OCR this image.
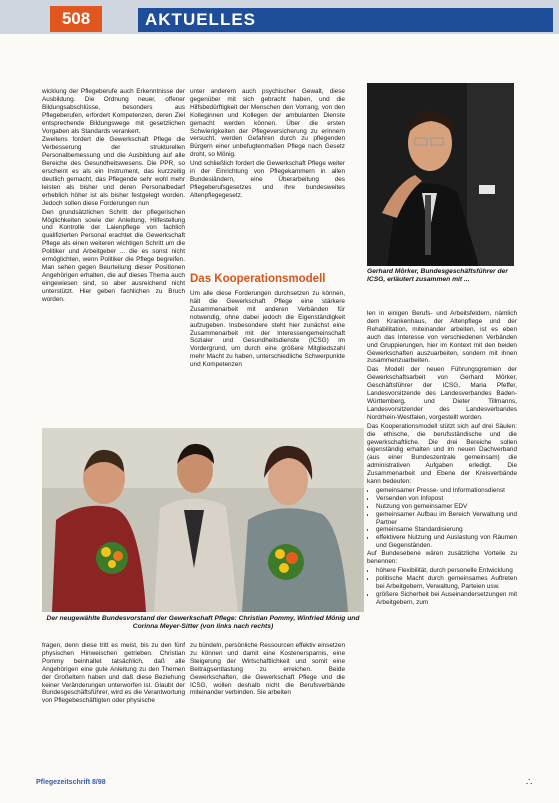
508	AKTUELLES

wicklung der Pflegeberufe auch Erkenntnisse der Ausbildung. Die Ordnung neuer, offener Bildungsabschlüsse, besonders aus Pflegeberufen, erfordert Kompetenzen, deren Ziel entsprechende Bildungswege mit gesetzlichen Vorgaben als Standards verankert.

Zweitens fordert die Gewerkschaft Pflege die Verbesserung der strukturellen Personalbemessung und die Ausbildung auf alle Bereiche des Gesundheitswesens. Die PPR, so erscheint es als ein Instrument, das kurzzeitig deutlich gemacht, das Pflegende sehr wohl mehr leisten als bisher und deren Personalbedarf erheblich höher ist als bisher festgelegt worden. Jedoch sollen diese Forderungen nun

Den grundsätzlichen Schritt der pflegerischen Möglichkeiten sowie der Anleitung, Hilfestellung und Kontrolle der Laienpflege von fachlich qualifizierten Personal erachtet die Gewerkschaft Pflege als einen weiteren wichtigen Schritt um die Politiker und Arbeitgeber ... die es sonst nicht ermöglichten, wenn Politiker die Pflege begreifen. Man sehen gegen Beurteilung dieser Positionen Angehörigen erhalten, die auf dieses Thema auch eingewiesen sind, so aber ausreichend nicht unterstützt. Hier geben fachlichen zu Bruch worden.

unter anderem auch psychischer Gewalt, diese gegenüber mit sich gebracht haben, und die Hilfsbedürftigkeit der Menschen den Vorrang, von den Kolleginnen und Kollegen der ambulanten Dienste gemacht werden können. Über die ersten Schwierigkeiten der Pflegeversicherung zu erinnern versucht, werden Gefahren durch zu pflegenden Bürgern einer unbefugtenmaßen Pflege nach Gesetz droht, so Mönig.

Und schließlich fordert die Gewerkschaft Pflege weiter in der Einrichtung von Pflegekammern in allen Bundesländern, eine Überarbeitung des Pflegeberufsgesetzes und ihre bundesweites Altenpflegegesetz.

Das Kooperationsmodell

Um alle diese Forderungen durchsetzen zu können, hält die Gewerkschaft Pflege eine stärkere Zusammenarbeit mit anderen Verbänden für notwendig, ohne dabei jedoch die Eigenständigkeit aufzugeben. Insbesondere steht hier zunächst eine Zusammenarbeit mit der Interessengemeinschaft Sozialer und Gesundheitsdienste (ICSG) im Vordergrund, um durch eine größere Mitgliedszahl mehr Macht zu haben, unterschiedliche Schwerpunkte und Kompetenzen

Gerhard Mörker, Bundesgeschäftsführer der ICSG, erläutert zusammen mit ...

len in einigen Berufs- und Arbeitsfeldern, nämlich dem Krankenhaus, der Altenpflege und der Rehabilitation, miteinander arbeiten, ist es eben auch das Interesse von verschiedenen Verbänden und Gruppierungen, hier im Kontext mit den beiden Gewerkschaften auszuarbeiten, sondern mit ihnen zusammenzuarbeiten.

Das Modell der neuen Führungsgremien der Gewerkschaftsarbeit von Gerhard Mörker, Geschäftsführer der ICSG, Maria Pfeffer, Landesvorsitzende des Landesverbandes Baden-Württemberg, und Dieter Tillmanns, Landesvorsitzender des Landesverbandes Nordrhein-Westfalen, vorgestellt worden.

Das Kooperationsmodell stützt sich auf drei Säulen: die ethische, die berufsständische und die gewerkschaftliche. Die drei Bereiche sollen eigenständig erhalten und im neuen Dachverband (aus einer Bundeszentrale gemeinsam) die administrativen Aufgaben erledigt. Die Zusammenarbeit und Ebene der Kreisverbände kann bedeuten:

• gemeinsamer Presse- und Informationsdienst
• Versenden von Infopost
• Nutzung von gemeinsamer EDV
• gemeinsamer Aufbau im Bereich Verwaltung und Partner
• gemeinsame Standardisierung
• effektivere Nutzung und Auslastung von Räumen und Gegenständen.

Auf Bundesebene wären zusätzliche Vorteile zu benennen:

• höhere Flexibilität, durch personelle Entwicklung
• politische Macht durch gemeinsames Auftreten bei Arbeitgebern, Verwaltung, Parteien usw.
• größere Sicherheit bei Auseinandersetzungen mit Arbeitgebern, zum
Der neugewählte Bundesvorstand der Gewerkschaft Pflege: Christian Pommy, Winfried Mönig und Corinna Meyer-Sitter (von links nach rechts)

fragen, denn diese tritt es meist, bis zu den fünf physischen Hinweischen getrieben. Christian Pommy beinhaltet tatsächlich, daß alle Angehörigen eine gute Anleitung zu den Themen der Großeltern haben und daß diese Beziehung keiner Veränderungen unterworfen ist. Glaubt der Bundesgeschäftsführer, wird es die Verantwortung von Pflegebeschäftigten oder physische

zu bündeln, persönliche Ressourcen effektiv einsetzen zu können und damit eine Kostenersparnis, eine Steigerung der Wirtschaftlichkeit und somit eine Beitragsentlastung zu erreichen. Beide Gewerkschaften, die Gewerkschaft Pflege und die ICSG, wollen deshalb nicht die Berufsverbände miteinander verbinden. Sie arbeiten

Pflegezeitschrift 8/98	∴
